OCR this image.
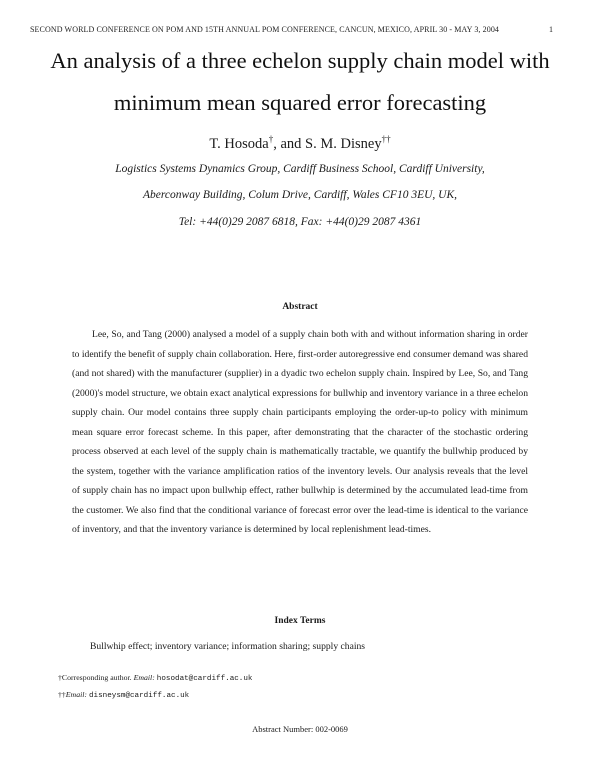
SECOND WORLD CONFERENCE ON POM AND 15TH ANNUAL POM CONFERENCE, CANCUN, MEXICO, APRIL 30 - MAY 3, 2004	1
An analysis of a three echelon supply chain model with
minimum mean squared error forecasting
T. Hosoda†, and S. M. Disney††
Logistics Systems Dynamics Group, Cardiff Business School, Cardiff University,
Aberconway Building, Colum Drive, Cardiff, Wales CF10 3EU, UK,
Tel: +44(0)29 2087 6818, Fax: +44(0)29 2087 4361
Abstract
Lee, So, and Tang (2000) analysed a model of a supply chain both with and without information sharing in order to identify the benefit of supply chain collaboration. Here, first-order autoregressive end consumer demand was shared (and not shared) with the manufacturer (supplier) in a dyadic two echelon supply chain. Inspired by Lee, So, and Tang (2000)'s model structure, we obtain exact analytical expressions for bullwhip and inventory variance in a three echelon supply chain. Our model contains three supply chain participants employing the order-up-to policy with minimum mean square error forecast scheme. In this paper, after demonstrating that the character of the stochastic ordering process observed at each level of the supply chain is mathematically tractable, we quantify the bullwhip produced by the system, together with the variance amplification ratios of the inventory levels. Our analysis reveals that the level of supply chain has no impact upon bullwhip effect, rather bullwhip is determined by the accumulated lead-time from the customer. We also find that the conditional variance of forecast error over the lead-time is identical to the variance of inventory, and that the inventory variance is determined by local replenishment lead-times.
Index Terms
Bullwhip effect; inventory variance; information sharing; supply chains
†Corresponding author. Email: hosodat@cardiff.ac.uk
††Email: disneysm@cardiff.ac.uk
Abstract Number: 002-0069
